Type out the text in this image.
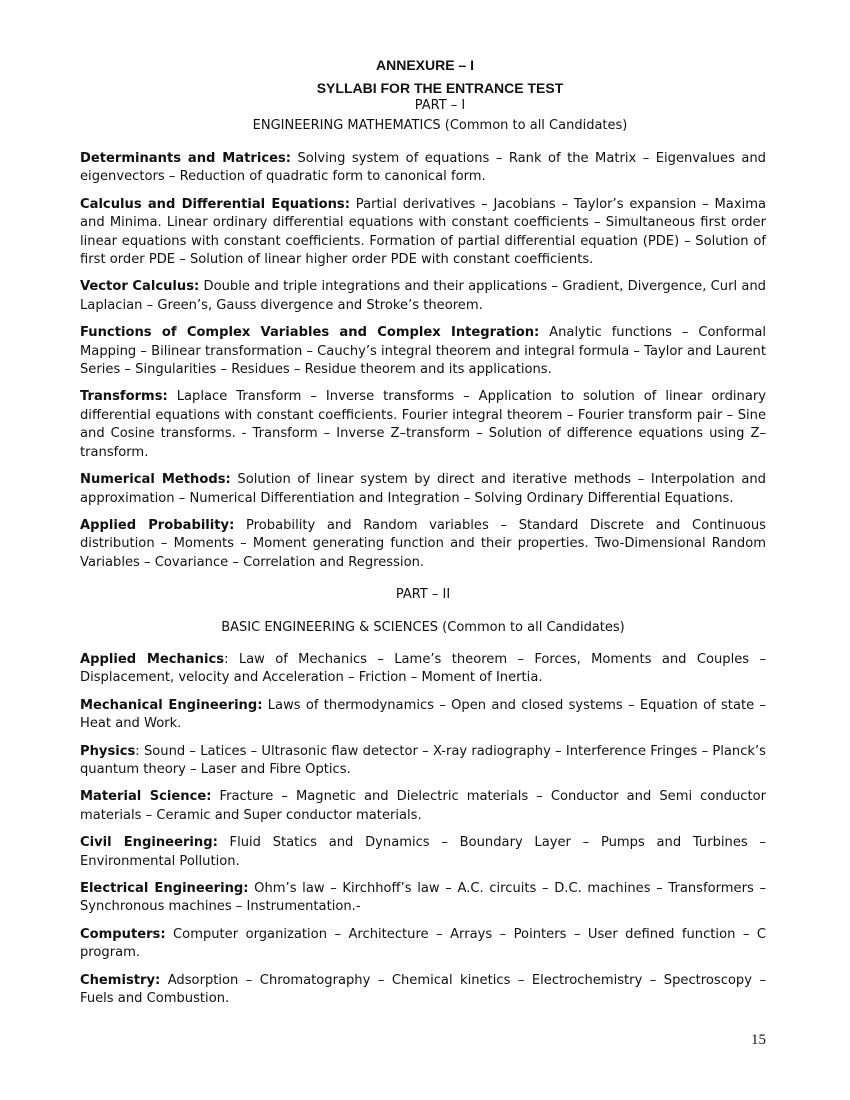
ANNEXURE – I
SYLLABI FOR THE ENTRANCE TEST
PART – I
ENGINEERING MATHEMATICS (Common to all Candidates)

Determinants and Matrices: Solving system of equations – Rank of the Matrix – Eigenvalues and eigenvectors – Reduction of quadratic form to canonical form.

Calculus and Differential Equations: Partial derivatives – Jacobians – Taylor’s expansion – Maxima and Minima. Linear ordinary differential equations with constant coefficients – Simultaneous first order linear equations with constant coefficients. Formation of partial differential equation (PDE) – Solution of first order PDE – Solution of linear higher order PDE with constant coefficients.

Vector Calculus: Double and triple integrations and their applications – Gradient, Divergence, Curl and Laplacian – Green’s, Gauss divergence and Stroke’s theorem.

Functions of Complex Variables and Complex Integration: Analytic functions – Conformal Mapping – Bilinear transformation – Cauchy’s integral theorem and integral formula – Taylor and Laurent Series – Singularities – Residues – Residue theorem and its applications.

Transforms: Laplace Transform – Inverse transforms – Application to solution of linear ordinary differential equations with constant coefficients. Fourier integral theorem – Fourier transform pair – Sine and Cosine transforms. - Transform – Inverse Z–transform – Solution of difference equations using Z– transform.

Numerical Methods: Solution of linear system by direct and iterative methods – Interpolation and approximation – Numerical Differentiation and Integration – Solving Ordinary Differential Equations.

Applied Probability: Probability and Random variables – Standard Discrete and Continuous distribution – Moments – Moment generating function and their properties. Two-Dimensional Random Variables – Covariance – Correlation and Regression.

PART – II
BASIC ENGINEERING & SCIENCES (Common to all Candidates)

Applied Mechanics: Law of Mechanics – Lame’s theorem – Forces, Moments and Couples – Displacement, velocity and Acceleration – Friction – Moment of Inertia.

Mechanical Engineering: Laws of thermodynamics – Open and closed systems – Equation of state – Heat and Work.

Physics: Sound – Latices – Ultrasonic flaw detector – X-ray radiography – Interference Fringes – Planck’s quantum theory – Laser and Fibre Optics.

Material Science: Fracture – Magnetic and Dielectric materials – Conductor and Semi conductor materials – Ceramic and Super conductor materials.

Civil Engineering: Fluid Statics and Dynamics – Boundary Layer – Pumps and Turbines – Environmental Pollution.

Electrical Engineering: Ohm’s law – Kirchhoff’s law – A.C. circuits – D.C. machines – Transformers – Synchronous machines – Instrumentation.-

Computers: Computer organization – Architecture – Arrays – Pointers – User defined function – C program.

Chemistry: Adsorption – Chromatography – Chemical kinetics – Electrochemistry – Spectroscopy – Fuels and Combustion.

15
